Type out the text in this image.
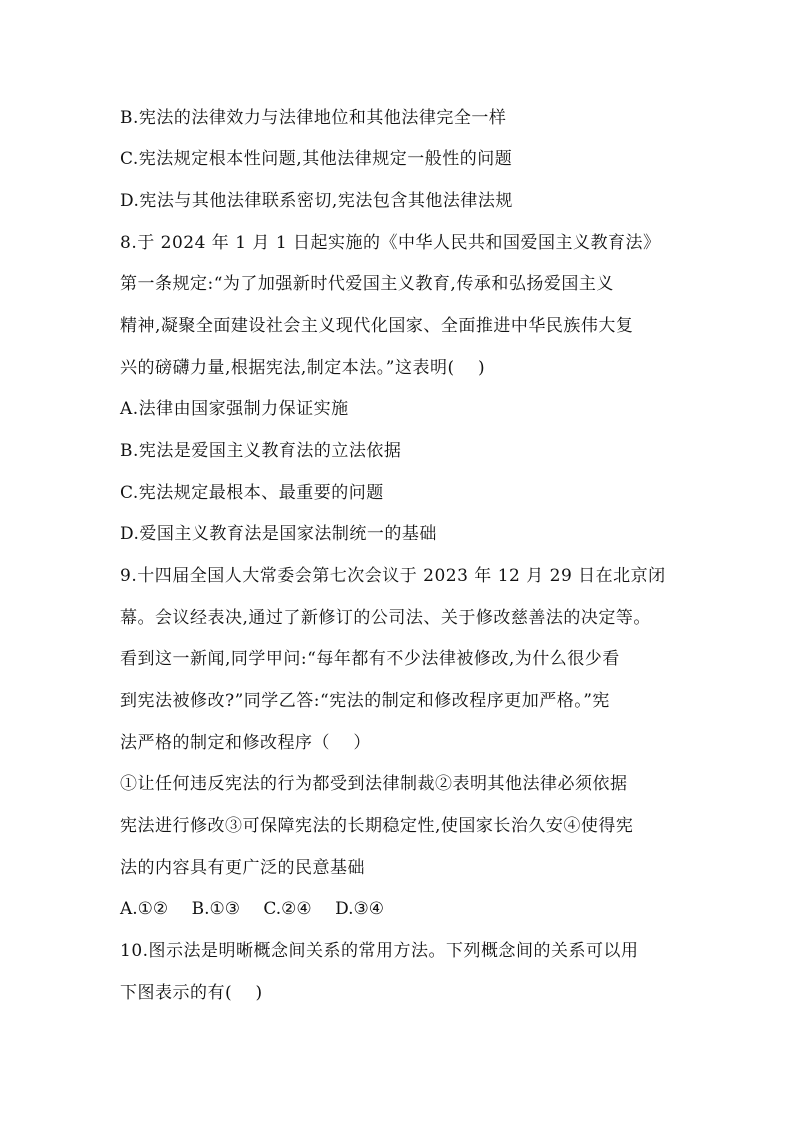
B.宪法的法律效力与法律地位和其他法律完全一样
C.宪法规定根本性问题,其他法律规定一般性的问题
D.宪法与其他法律联系密切,宪法包含其他法律法规
8.于 2024 年 1 月 1 日起实施的《中华人民共和国爱国主义教育法》
第一条规定:“为了加强新时代爱国主义教育,传承和弘扬爱国主义
精神,凝聚全面建设社会主义现代化国家、全面推进中华民族伟大复
兴的磅礴力量,根据宪法,制定本法。”这表明(　 )
A.法律由国家强制力保证实施
B.宪法是爱国主义教育法的立法依据
C.宪法规定最根本、最重要的问题
D.爱国主义教育法是国家法制统一的基础
9.十四届全国人大常委会第七次会议于 2023 年 12 月 29 日在北京闭
幕。会议经表决,通过了新修订的公司法、关于修改慈善法的决定等。
看到这一新闻,同学甲问:“每年都有不少法律被修改,为什么很少看
到宪法被修改?”同学乙答:“宪法的制定和修改程序更加严格。”宪
法严格的制定和修改程序（　 ）
①让任何违反宪法的行为都受到法律制裁②表明其他法律必须依据
宪法进行修改③可保障宪法的长期稳定性,使国家长治久安④使得宪
法的内容具有更广泛的民意基础
A.①② B.①③ C.②④ D.③④
10.图示法是明晰概念间关系的常用方法。下列概念间的关系可以用
下图表示的有(　 )
